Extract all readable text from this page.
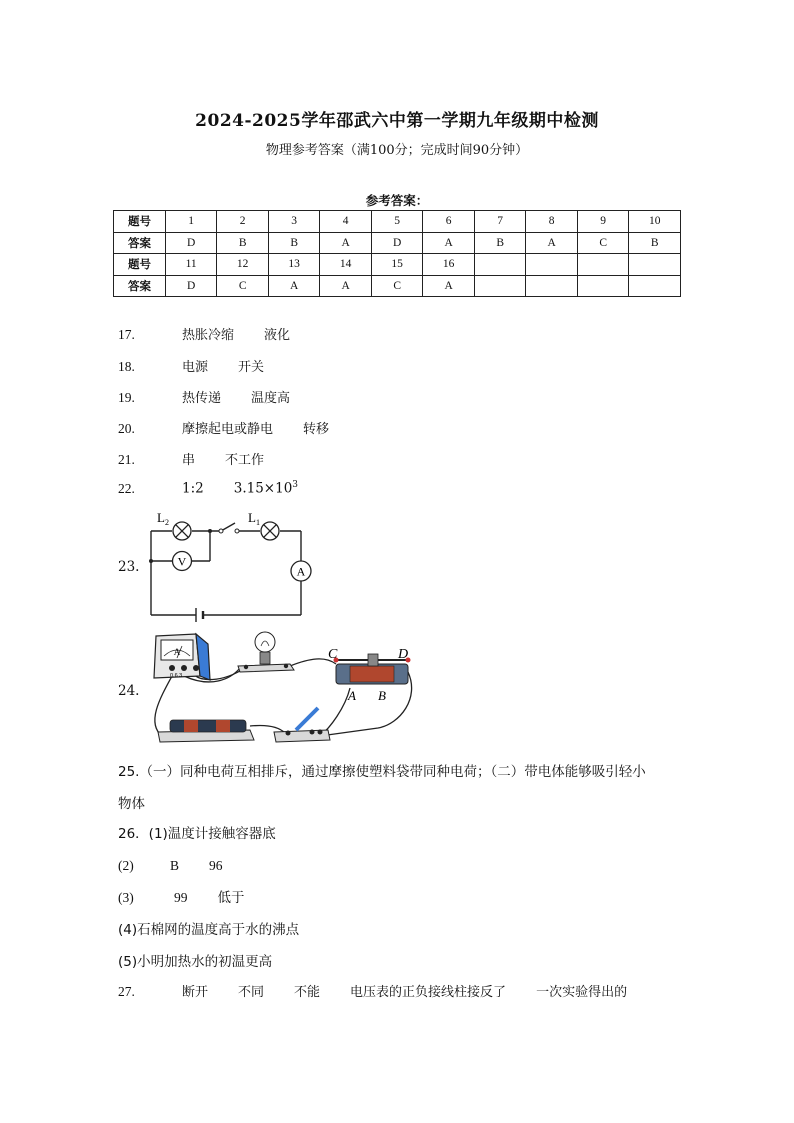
2024-2025学年邵武六中第一学期九年级期中检测
物理参考答案（满100分；完成时间90分钟）
参考答案：
题号	1	2	3	4	5	6	7	8	9	10
答案	D	B	B	A	D	A	B	A	C	B
题号	11	12	13	14	15	16				
答案	D	C	A	A	C	A				
17.	热胀冷缩 液化
18.	电源 开关
19.	热传递 温度高
20.	摩擦起电或静电 转移
21.	串 不工作
22.	1:2 $3.15\times 10^3$
23.	V
A
L 2	L 1
24.
A
0.6 3
C	D
A B
25.（一）同种电荷互相排斥，通过摩擦使塑料袋带同种电荷；（二）带电体能够吸引轻小
物体
26．(1)温度计接触容器底
(2)	B 96
(3)	99 低于
(4)石棉网的温度高于水的沸点
(5)小明加热水的初温更高
27.	断开 不同 不能 电压表的正负接线柱接反了 一次实验得出的
